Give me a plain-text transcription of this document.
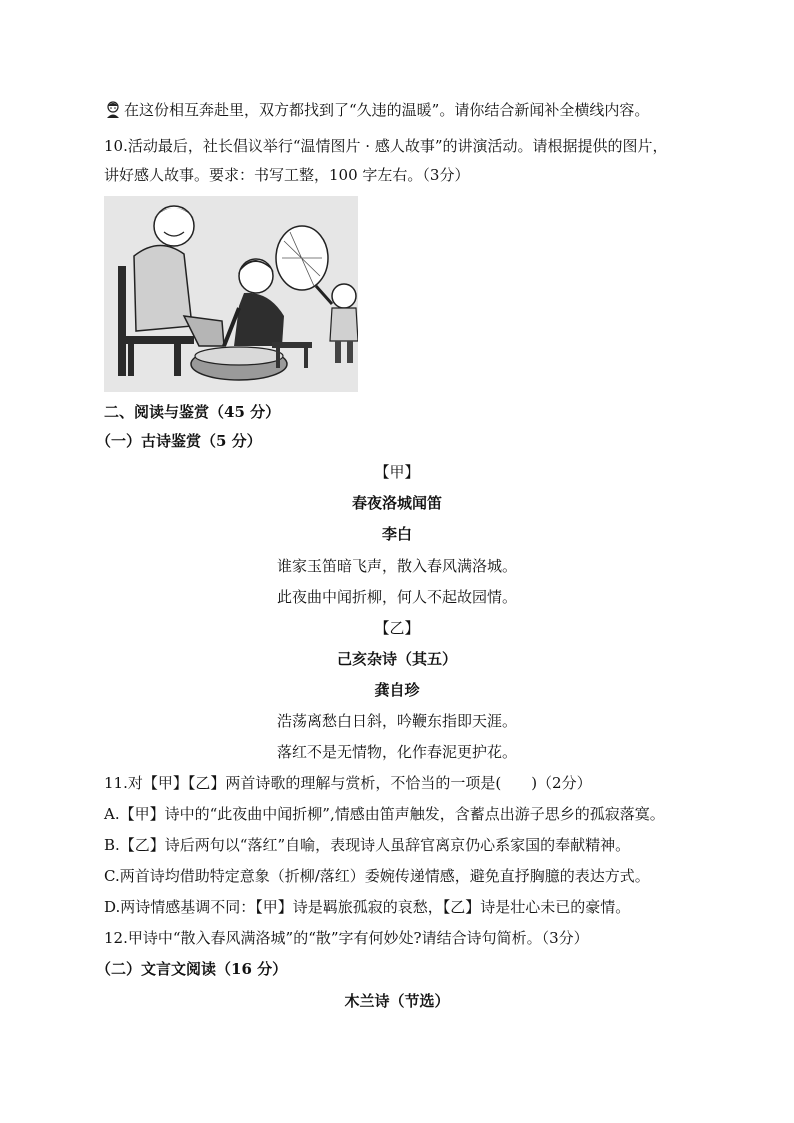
在这份相互奔赴里，双方都找到了“久违的温暖”。请你结合新闻补全横线内容。
10.活动最后，社长倡议举行“温情图片 · 感人故事”的讲演活动。请根据提供的图片，
讲好感人故事。要求：书写工整，100 字左右。（3分）
二、阅读与鉴赏（45 分）
（一）古诗鉴赏（5 分）
【甲】
春夜洛城闻笛
李白
谁家玉笛暗飞声，散入春风满洛城。
此夜曲中闻折柳，何人不起故园情。
【乙】
己亥杂诗（其五）
龚自珍
浩荡离愁白日斜，吟鞭东指即天涯。
落红不是无情物，化作春泥更护花。
11.对【甲】【乙】两首诗歌的理解与赏析，不恰当的一项是(　　)（2分）
A.【甲】诗中的“此夜曲中闻折柳”,情感由笛声触发，含蓄点出游子思乡的孤寂落寞。
B.【乙】诗后两句以“落红”自喻，表现诗人虽辞官离京仍心系家国的奉献精神。
C.两首诗均借助特定意象（折柳/落红）委婉传递情感，避免直抒胸臆的表达方式。
D.两诗情感基调不同：【甲】诗是羁旅孤寂的哀愁，【乙】诗是壮心未已的豪情。
12.甲诗中“散入春风满洛城”的“散”字有何妙处?请结合诗句简析。（3分）
（二）文言文阅读（16 分）
木兰诗（节选）
